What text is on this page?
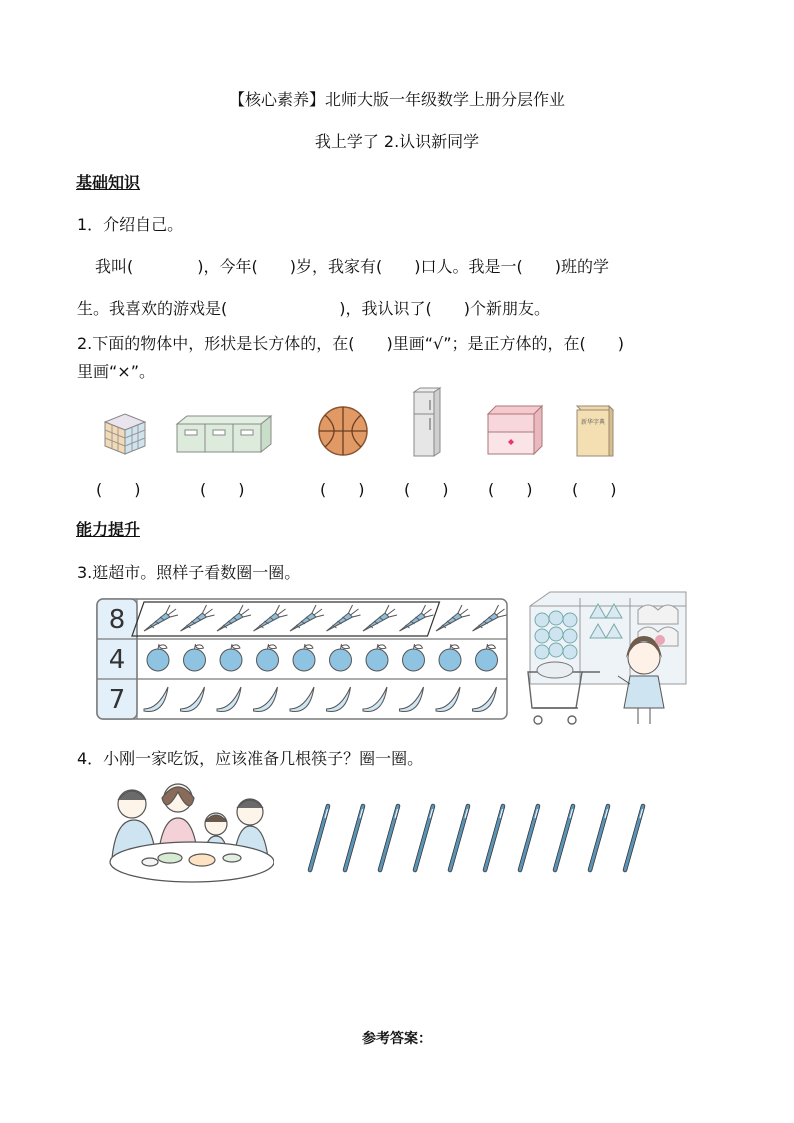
【核心素养】北师大版一年级数学上册分层作业
我上学了 2.认识新同学
基础知识
1．介绍自己。
我叫(　　　　)，今年(　　)岁，我家有(　　)口人。我是一(　　)班的学
生。我喜欢的游戏是(　　　　　　　)，我认识了(　　)个新朋友。
2.下面的物体中，形状是长方体的，在(　　)里画“√”；是正方体的，在(　　)
里画“×”。
新华字典
(　　)	(　　)	(　　) (　　) (　　) (　　)
能力提升
3.逛超市。照样子看数圈一圈。
8
4
7
4．小刚一家吃饭，应该准备几根筷子？圈一圈。
参考答案：
